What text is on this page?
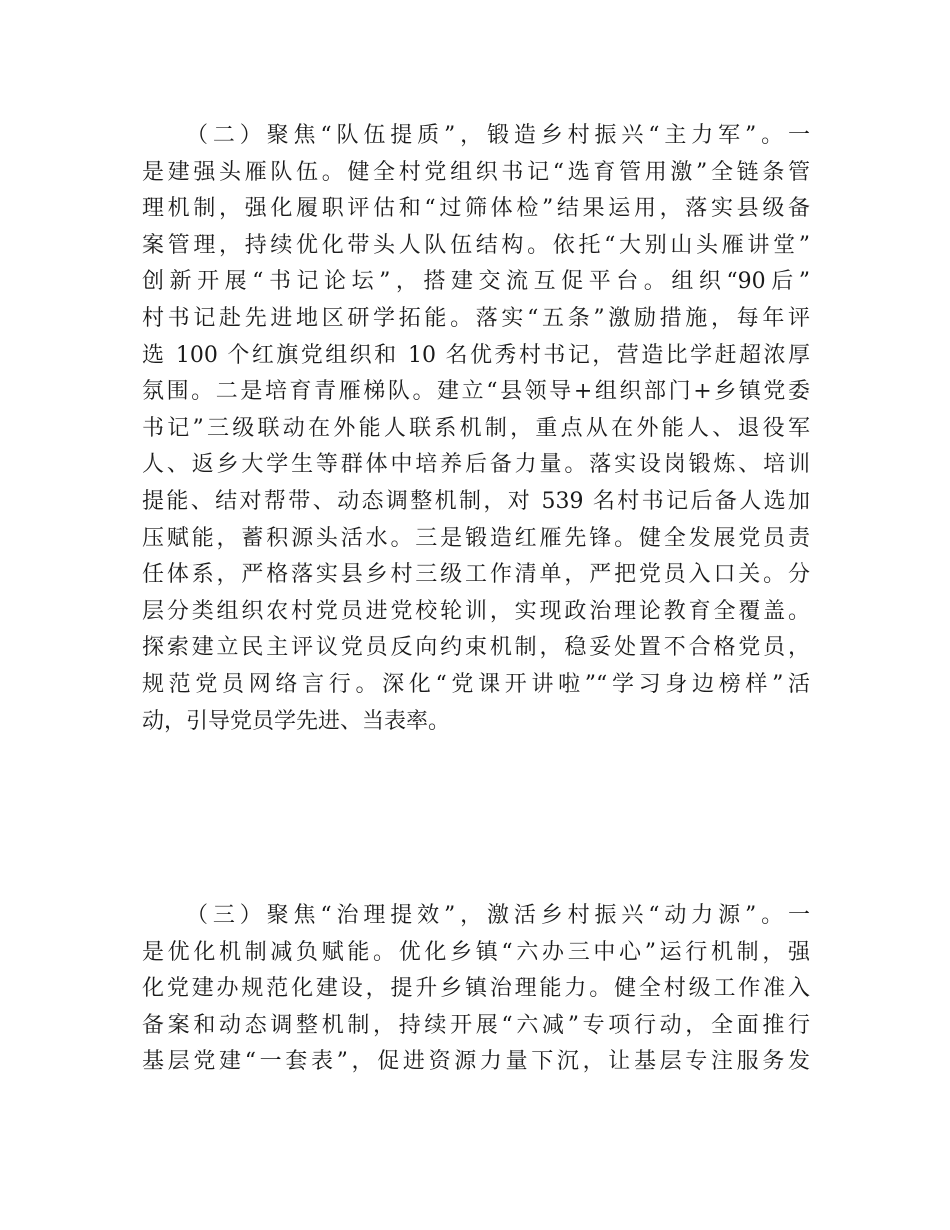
（二）聚焦“队伍提质”，锻造乡村振兴“主力军”。一
是建强头雁队伍。健全村党组织书记“选育管用激”全链条管
理机制，强化履职评估和“过筛体检”结果运用，落实县级备
案管理，持续优化带头人队伍结构。依托“大别山头雁讲堂”
创新开展“书记论坛”，搭建交流互促平台。组织“90后”
村书记赴先进地区研学拓能。落实“五条”激励措施，每年评
选 100 个红旗党组织和 10 名优秀村书记，营造比学赶超浓厚
氛围。二是培育青雁梯队。建立“县领导+组织部门+乡镇党委
书记”三级联动在外能人联系机制，重点从在外能人、退役军
人、返乡大学生等群体中培养后备力量。落实设岗锻炼、培训
提能、结对帮带、动态调整机制，对 539 名村书记后备人选加
压赋能，蓄积源头活水。三是锻造红雁先锋。健全发展党员责
任体系，严格落实县乡村三级工作清单，严把党员入口关。分
层分类组织农村党员进党校轮训，实现政治理论教育全覆盖。
探索建立民主评议党员反向约束机制，稳妥处置不合格党员，
规范党员网络言行。深化“党课开讲啦”“学习身边榜样”活
动，引导党员学先进、当表率。
（三）聚焦“治理提效”，激活乡村振兴“动力源”。一
是优化机制减负赋能。优化乡镇“六办三中心”运行机制，强
化党建办规范化建设，提升乡镇治理能力。健全村级工作准入
备案和动态调整机制，持续开展“六减”专项行动，全面推行
基层党建“一套表”，促进资源力量下沉，让基层专注服务发
